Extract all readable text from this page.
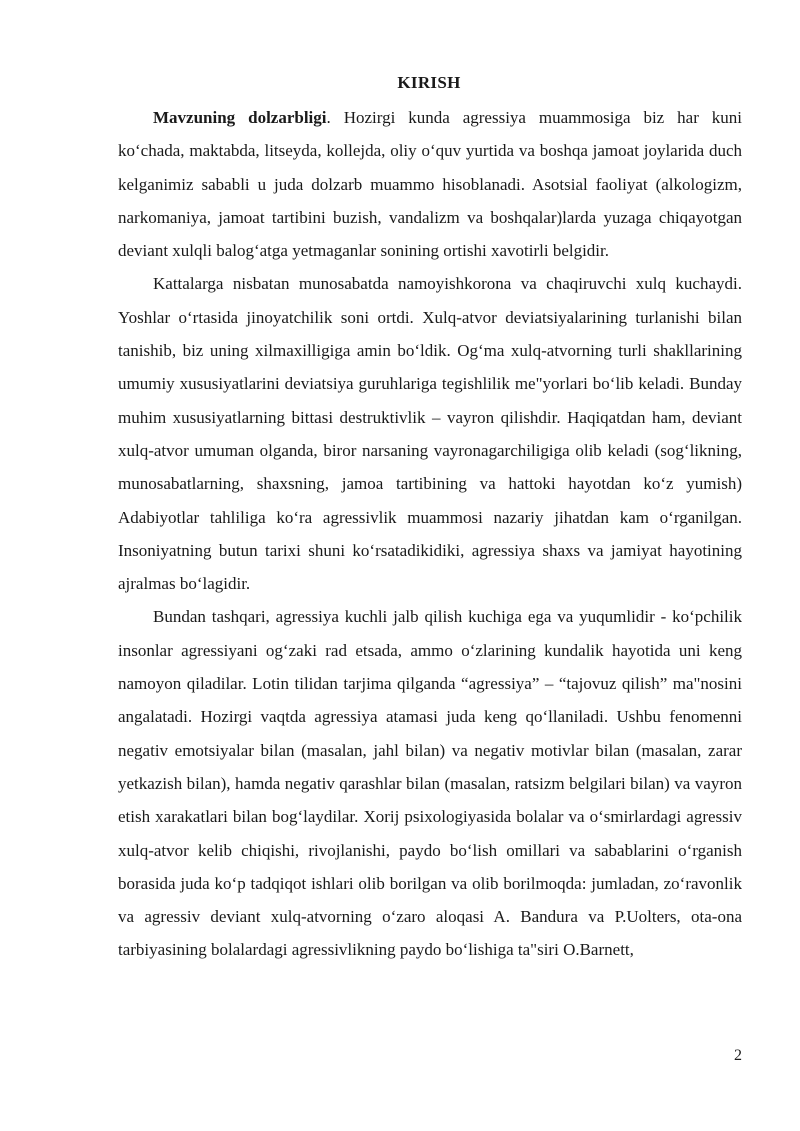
KIRISH

Mavzuning dolzarbligi. Hozirgi kunda agressiya muammosiga biz har kuni koʻchada, maktabda, litseyda, kollejda, oliy oʻquv yurtida va boshqa jamoat joylarida duch kelganimiz sababli u juda dolzarb muammo hisoblanadi. Asotsial faoliyat (alkologizm, narkomaniya, jamoat tartibini buzish, vandalizm va boshqalar)larda yuzaga chiqayotgan deviant xulqli balogʻatga yetmaganlar sonining ortishi xavotirli belgidir.

Kattalarga nisbatan munosabatda namoyishkorona va chaqiruvchi xulq kuchaydi. Yoshlar oʻrtasida jinoyatchilik soni ortdi. Xulq-atvor deviatsiyalarining turlanishi bilan tanishib, biz uning xilmaxilligiga amin boʻldik. Ogʻma xulq-atvorning turli shakllarining umumiy xususiyatlarini deviatsiya guruhlariga tegishlilik me"yorlari boʻlib keladi. Bunday muhim xususiyatlarning bittasi destruktivlik – vayron qilishdir. Haqiqatdan ham, deviant xulq-atvor umuman olganda, biror narsaning vayronagarchiligiga olib keladi (sogʻlikning, munosabatlarning, shaxsning, jamoa tartibining va hattoki hayotdan koʻz yumish) Adabiyotlar tahliliga koʻra agressivlik muammosi nazariy jihatdan kam oʻrganilgan. Insoniyatning butun tarixi shuni koʻrsatadikidiki, agressiya shaxs va jamiyat hayotining ajralmas boʻlagidir.

Bundan tashqari, agressiya kuchli jalb qilish kuchiga ega va yuqumlidir - koʻpchilik insonlar agressiyani ogʻzaki rad etsada, ammo oʻzlarining kundalik hayotida uni keng namoyon qiladilar. Lotin tilidan tarjima qilganda “agressiya” – “tajovuz qilish” ma"nosini angalatadi. Hozirgi vaqtda agressiya atamasi juda keng qoʻllaniladi. Ushbu fenomenni negativ emotsiyalar bilan (masalan, jahl bilan) va negativ motivlar bilan (masalan, zarar yetkazish bilan), hamda negativ qarashlar bilan (masalan, ratsizm belgilari bilan) va vayron etish xarakatlari bilan bogʻlaydilar. Xorij psixologiyasida bolalar va oʻsmirlardagi agressiv xulq-atvor kelib chiqishi, rivojlanishi, paydo boʻlish omillari va sabablarini oʻrganish borasida juda koʻp tadqiqot ishlari olib borilgan va olib borilmoqda: jumladan, zoʻravonlik va agressiv deviant xulq-atvorning oʻzaro aloqasi A. Bandura va P.Uolters, ota-ona tarbiyasining bolalardagi agressivlikning paydo boʻlishiga ta"siri O.Barnett,

2
